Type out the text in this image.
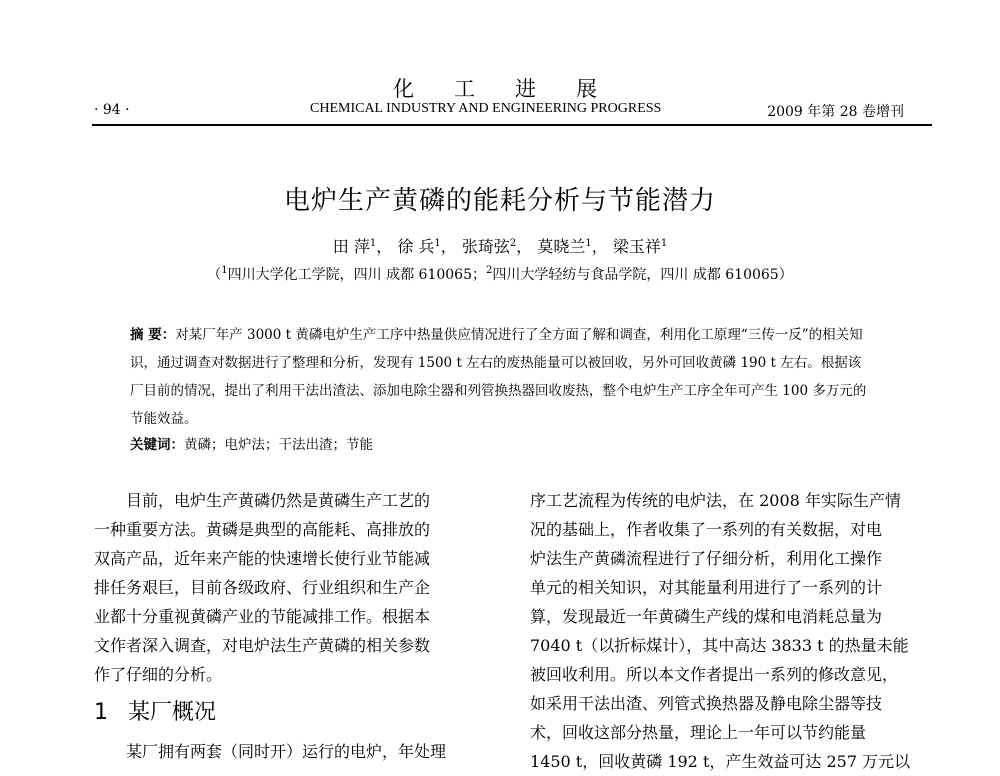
化工进展
· 94 ·	CHEMICAL INDUSTRY AND ENGINEERING PROGRESS	2009 年第 28 卷增刊
电炉生产黄磷的能耗分析与节能潜力
田 萍$^1$， 徐 兵$^1$， 张琦弦$^2$， 莫晓兰$^1$， 梁玉祥$^1$
（$^1$四川大学化工学院，四川 成都 610065；$^2$四川大学轻纺与食品学院，四川 成都 610065）
摘 要：对某厂年产 3000 t 黄磷电炉生产工序中热量供应情况进行了全方面了解和调查，利用化工原理“三传一反”的相关知识，通过调查对数据进行了整理和分析，发现有 1500 t 左右的废热能量可以被回收，另外可回收黄磷 190 t 左右。根据该厂目前的情况，提出了利用干法出渣法、添加电除尘器和列管换热器回收废热，整个电炉生产工序全年可产生 100 多万元的节能效益。
关键词：黄磷；电炉法；干法出渣；节能
目前，电炉生产黄磷仍然是黄磷生产工艺的
一种重要方法。黄磷是典型的高能耗、高排放的
双高产品，近年来产能的快速增长使行业节能减
排任务艰巨，目前各级政府、行业组织和生产企
业都十分重视黄磷产业的节能减排工作。根据本
文作者深入调查，对电炉法生产黄磷的相关参数
作了仔细的分析。
1 某厂概况
某厂拥有两套（同时开）运行的电炉，年处理
序工艺流程为传统的电炉法，在 2008 年实际生产情
况的基础上，作者收集了一系列的有关数据，对电
炉法生产黄磷流程进行了仔细分析，利用化工操作
单元的相关知识，对其能量利用进行了一系列的计
算，发现最近一年黄磷生产线的煤和电消耗总量为
7040 t（以折标煤计），其中高达 3833 t 的热量未能
被回收利用。所以本文作者提出一系列的修改意见，
如采用干法出渣、列管式换热器及静电除尘器等技
术，回收这部分热量，理论上一年可以节约能量
1450 t，回收黄磷 192 t，产生效益可达 257 万元以
